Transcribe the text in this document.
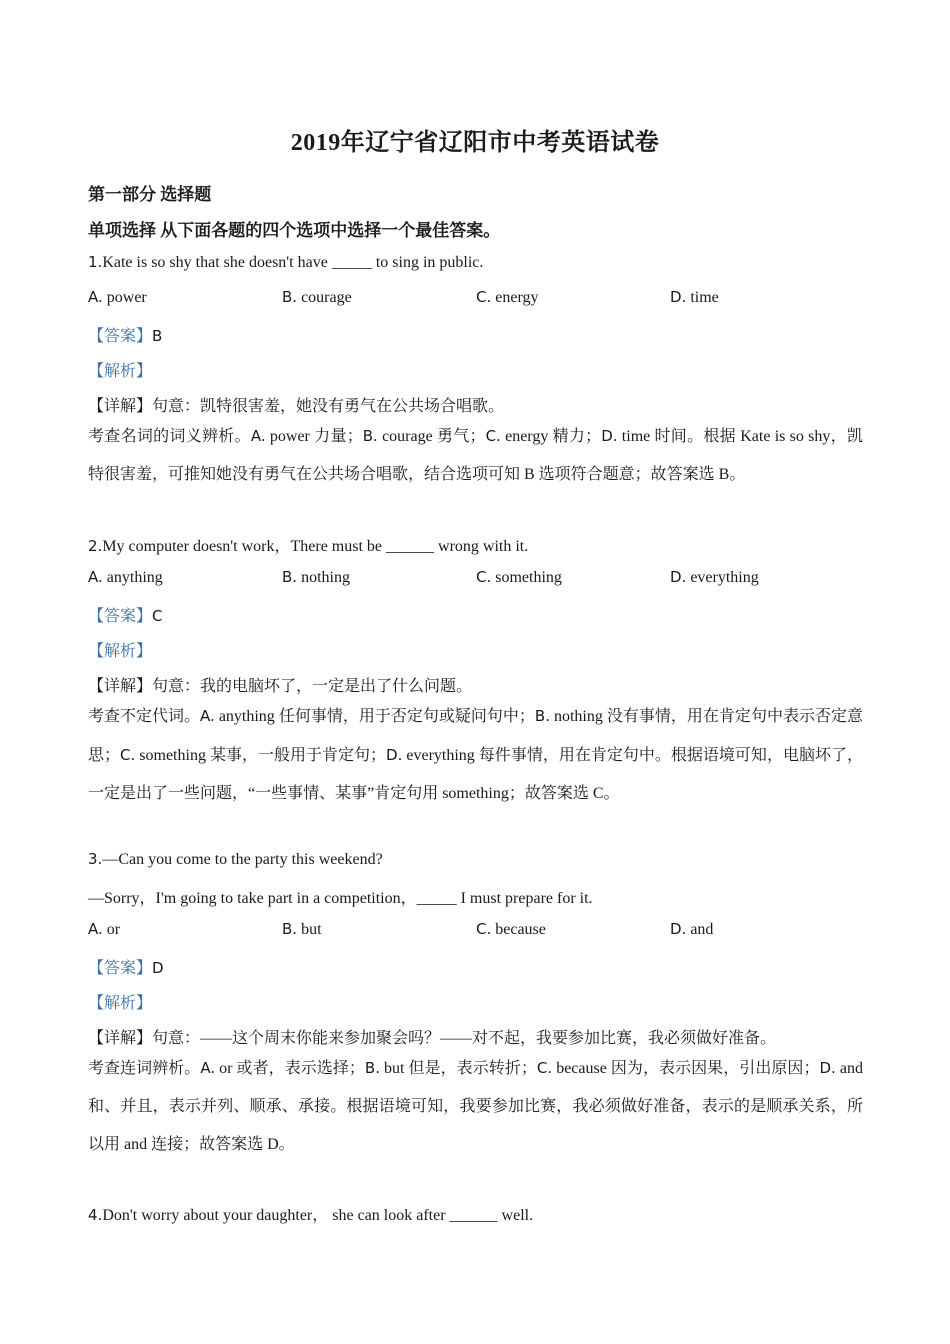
2019年辽宁省辽阳市中考英语试卷
第一部分 选择题
单项选择 从下面各题的四个选项中选择一个最佳答案。
1.Kate is so shy that she doesn't have _____ to sing in public.
A. power	B. courage	C. energy	D. time
【答案】B
【解析】
【详解】句意：凯特很害羞，她没有勇气在公共场合唱歌。
考查名词的词义辨析。A. power 力量；B. courage 勇气；C. energy 精力；D. time 时间。根据 Kate is so shy，凯特很害羞，可推知她没有勇气在公共场合唱歌，结合选项可知 B 选项符合题意；故答案选 B。
2.My computer doesn't work，There must be ______ wrong with it.
A. anything	B. nothing	C. something	D. everything
【答案】C
【解析】
【详解】句意：我的电脑坏了，一定是出了什么问题。
考查不定代词。A. anything 任何事情，用于否定句或疑问句中；B. nothing 没有事情，用在肯定句中表示否定意思；C. something 某事，一般用于肯定句；D. everything 每件事情，用在肯定句中。根据语境可知，电脑坏了，一定是出了一些问题，“一些事情、某事”肯定句用 something；故答案选 C。
3.—Can you come to the party this weekend?
—Sorry，I'm going to take part in a competition，_____ I must prepare for it.
A. or	B. but	C. because	D. and
【答案】D
【解析】
【详解】句意：——这个周末你能来参加聚会吗？——对不起，我要参加比赛，我必须做好准备。
考查连词辨析。A. or 或者，表示选择；B. but 但是，表示转折；C. because 因为，表示因果，引出原因；D. and 和、并且，表示并列、顺承、承接。根据语境可知，我要参加比赛，我必须做好准备，表示的是顺承关系，所以用 and 连接；故答案选 D。
4.Don't worry about your daughter， she can look after ______ well.
